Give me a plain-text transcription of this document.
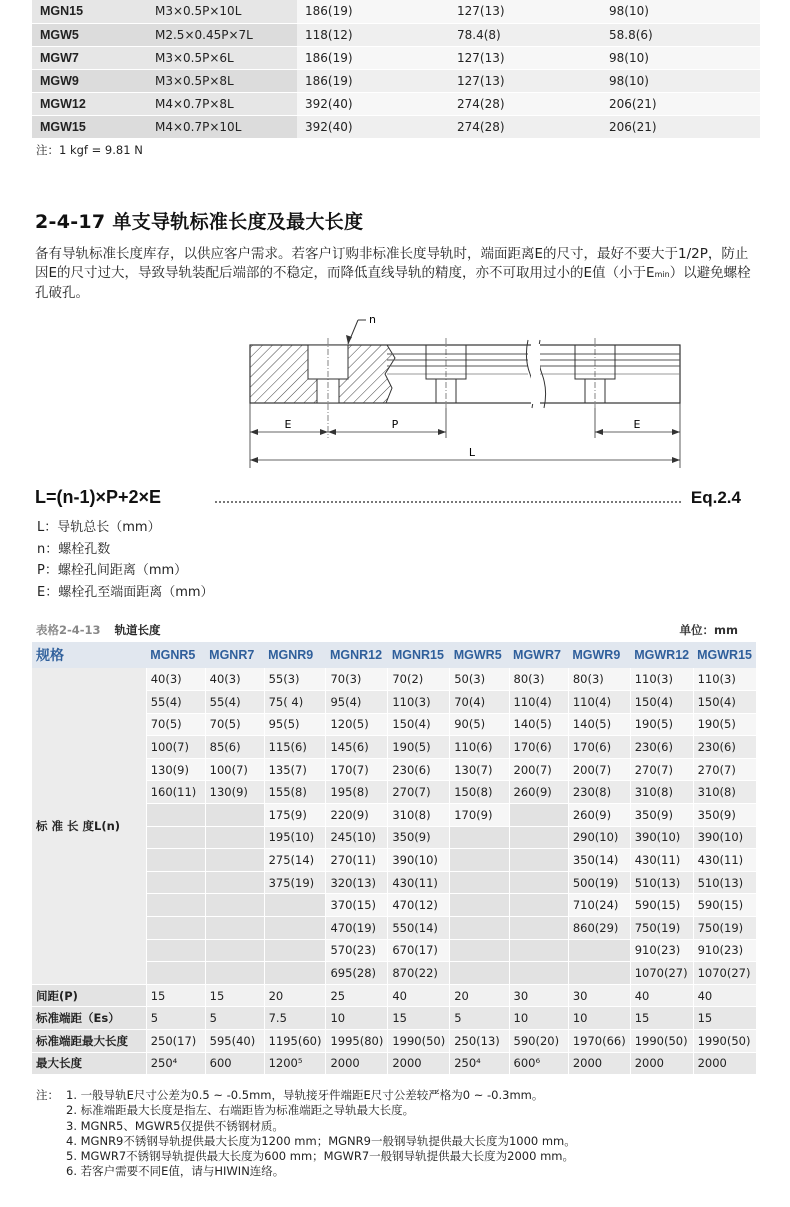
MGN15	M3×0.5P×10L	186(19)	127(13)	98(10)
MGW5	M2.5×0.45P×7L	118(12)	78.4(8)	58.8(6)
MGW7	M3×0.5P×6L	186(19)	127(13)	98(10)
MGW9	M3×0.5P×8L	186(19)	127(13)	98(10)
MGW12	M4×0.7P×8L	392(40)	274(28)	206(21)
MGW15	M4×0.7P×10L	392(40)	274(28)	206(21)
注：1 kgf = 9.81 N
2-4-17 单支导轨标准长度及最大长度
备有导轨标准长度库存，以供应客户需求。若客户订购非标准长度导轨时，端面距离E的尺寸，最好不要大于1/2P，防止因E的尺寸过大，导致导轨装配后端部的不稳定，而降低直线导轨的精度，亦不可取用过小的E值（小于Emin）以避免螺栓孔破孔。
n
E	P	E
L
L=(n-1)×P+2×E	Eq.2.4
L：导轨总长（mm）
n：螺栓孔数
P：螺栓孔间距离（mm）
E：螺栓孔至端面距离（mm）
表格2-4-13 轨道长度	单位：mm
规格	MGNR5	MGNR7	MGNR9	MGNR12	MGNR15	MGWR5	MGWR7	MGWR9	MGWR12	MGWR15
标 准 长 度L(n)	40(3)	40(3)	55(3)	70(3)	70(2)	50(3)	80(3)	80(3)	110(3)	110(3)
	55(4)	55(4)	75( 4)	95(4)	110(3)	70(4)	110(4)	110(4)	150(4)	150(4)
	70(5)	70(5)	95(5)	120(5)	150(4)	90(5)	140(5)	140(5)	190(5)	190(5)
	100(7)	85(6)	115(6)	145(6)	190(5)	110(6)	170(6)	170(6)	230(6)	230(6)
	130(9)	100(7)	135(7)	170(7)	230(6)	130(7)	200(7)	200(7)	270(7)	270(7)
	160(11)	130(9)	155(8)	195(8)	270(7)	150(8)	260(9)	230(8)	310(8)	310(8)
			175(9)	220(9)	310(8)	170(9)		260(9)	350(9)	350(9)
			195(10)	245(10)	350(9)			290(10)	390(10)	390(10)
			275(14)	270(11)	390(10)			350(14)	430(11)	430(11)
			375(19)	320(13)	430(11)			500(19)	510(13)	510(13)
				370(15)	470(12)			710(24)	590(15)	590(15)
				470(19)	550(14)			860(29)	750(19)	750(19)
				570(23)	670(17)				910(23)	910(23)
				695(28)	870(22)				1070(27)	1070(27)
间距(P)	15	15	20	25	40	20	30	30	40	40
标准端距（Es）	5	5	7.5	10	15	5	10	10	15	15
标准端距最大长度	250(17)	595(40)	1195(60)	1995(80)	1990(50)	250(13)	590(20)	1970(66)	1990(50)	1990(50)
最大长度	250⁴	600	1200⁵	2000	2000	250⁴	600⁶	2000	2000	2000
注： 1. 一般导轨E尺寸公差为0.5 ~ -0.5mm，导轨接牙件端距E尺寸公差较严格为0 ~ -0.3mm。
2. 标准端距最大长度是指左、右端距皆为标准端距之导轨最大长度。
3. MGNR5、MGWR5仅提供不锈钢材质。
4. MGNR9不锈钢导轨提供最大长度为1200 mm；MGNR9一般钢导轨提供最大长度为1000 mm。
5. MGWR7不锈钢导轨提供最大长度为600 mm；MGWR7一般钢导轨提供最大长度为2000 mm。
6. 若客户需要不同E值，请与HIWIN连络。
